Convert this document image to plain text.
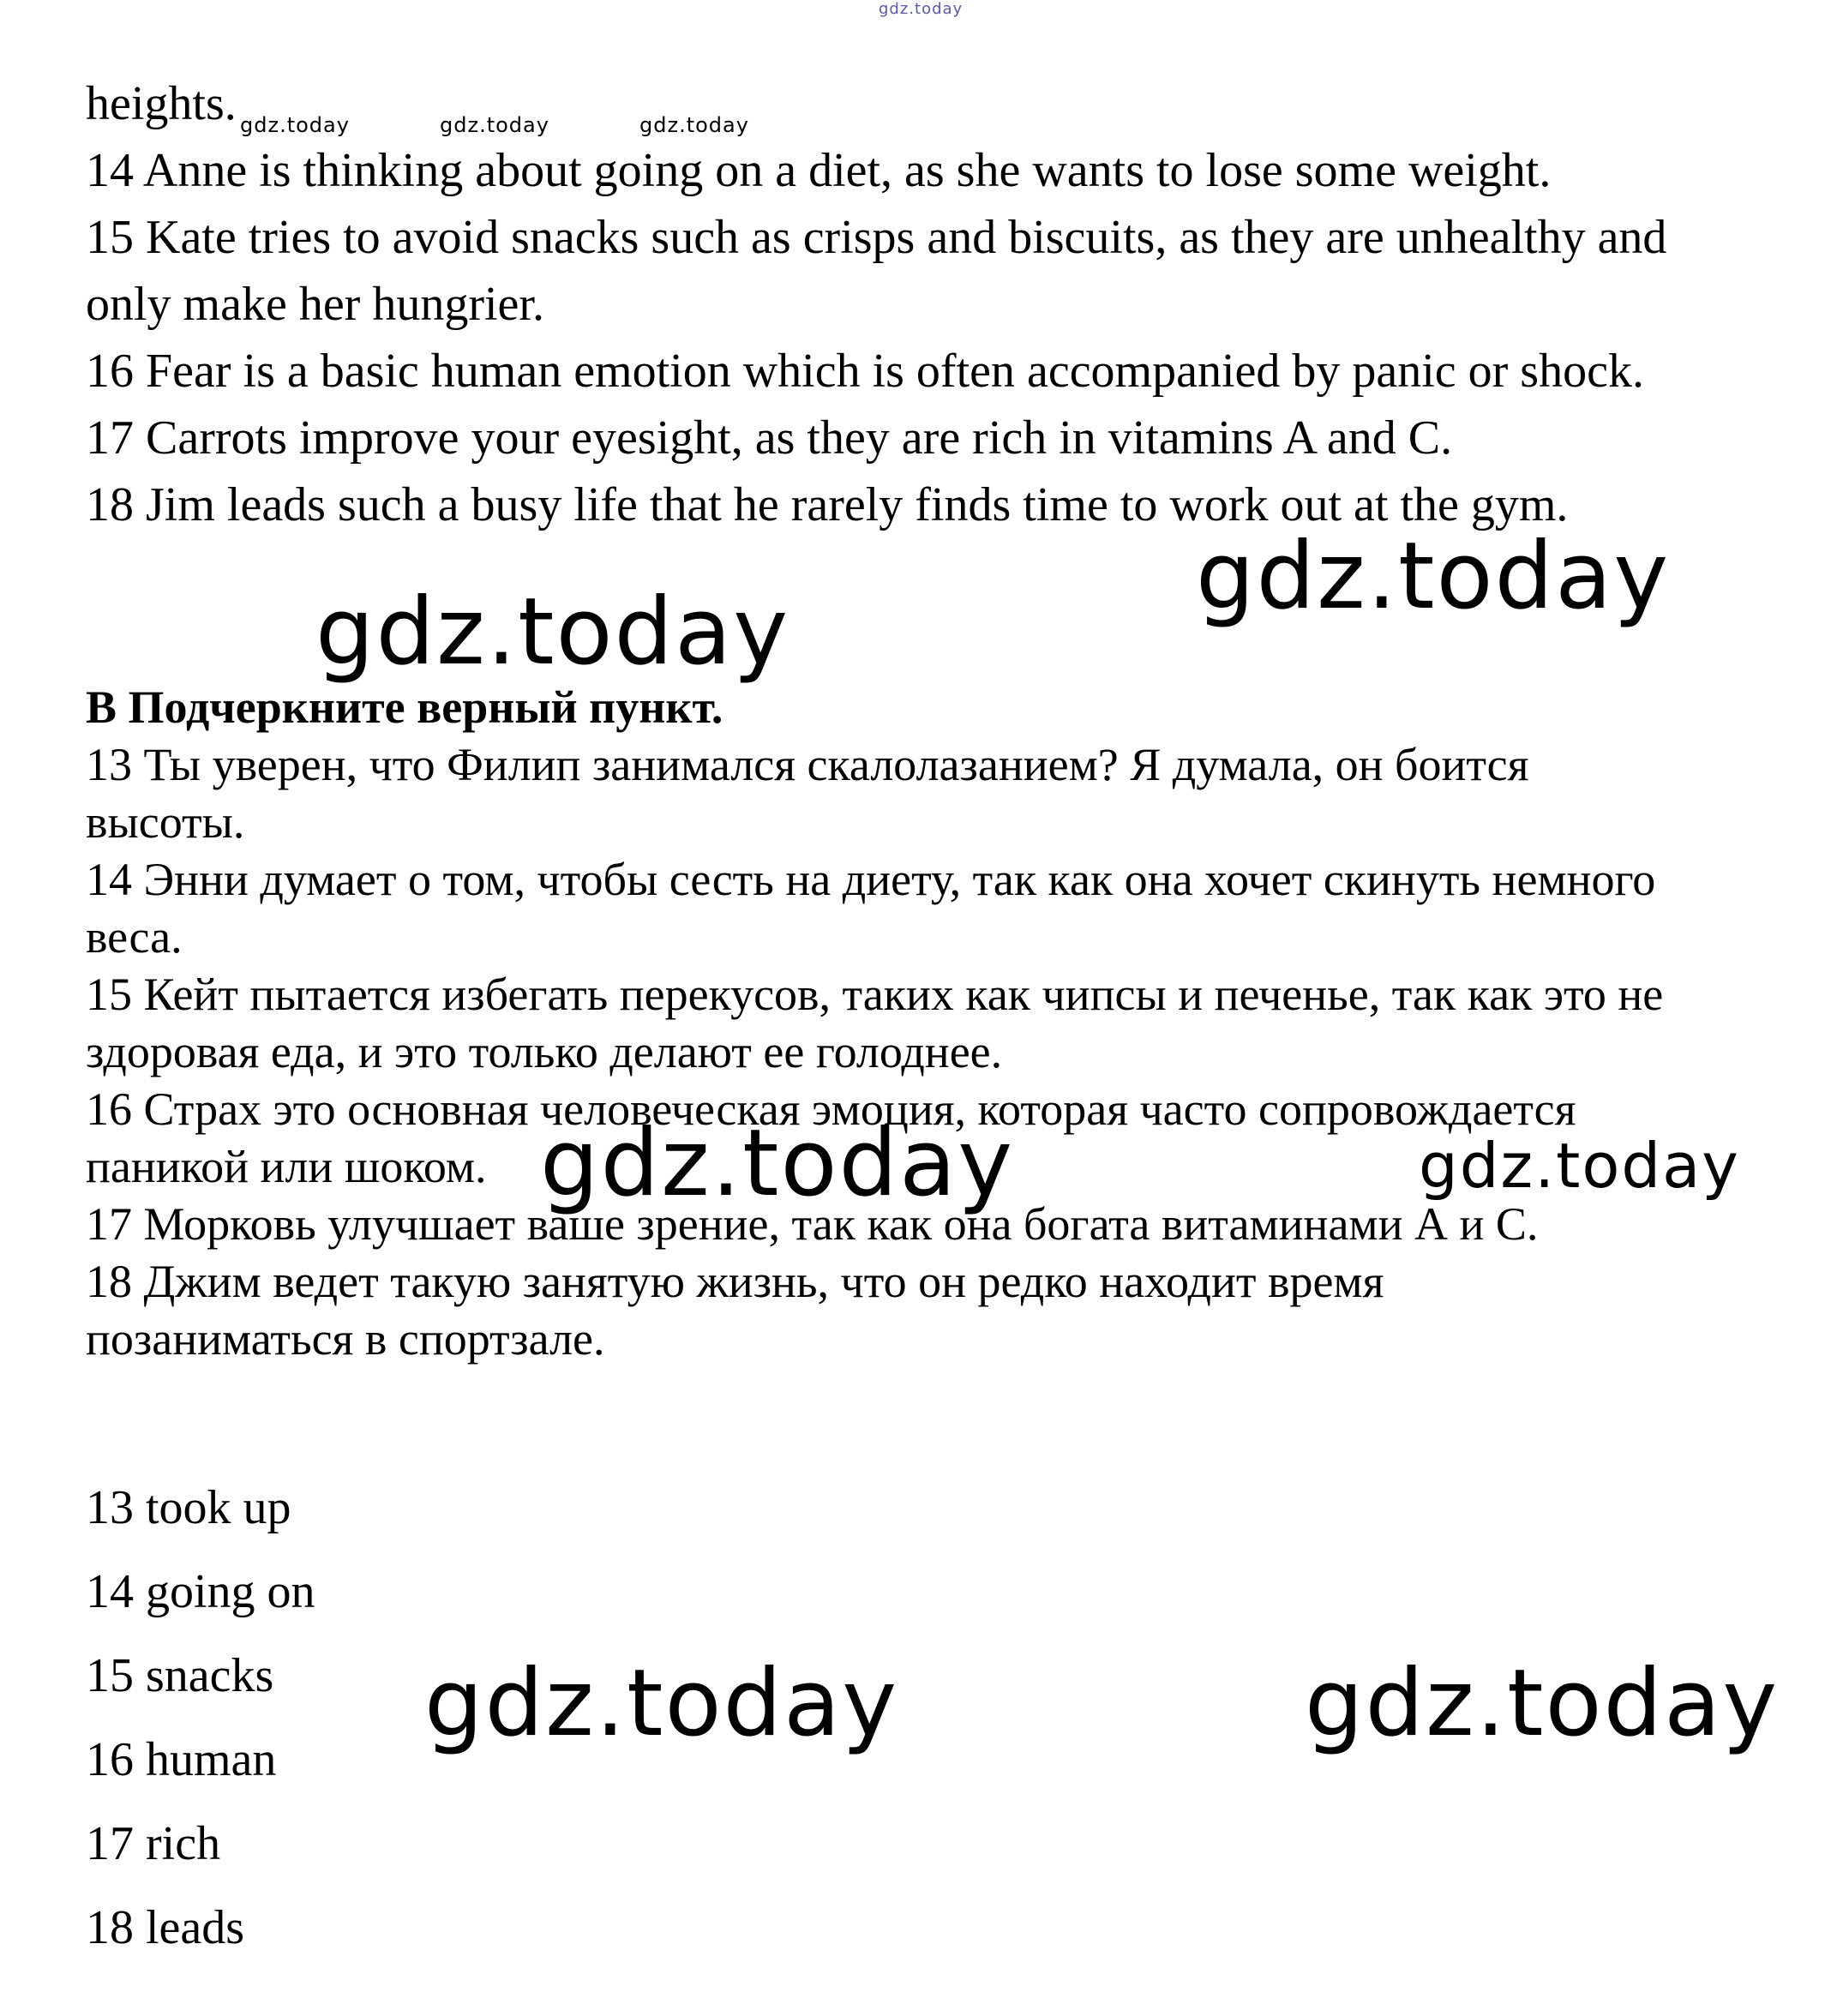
gdz.today
heights. gdz.today	gdz.today	gdz.today
14 Anne is thinking about going on a diet, as she wants to lose some weight.
15 Kate tries to avoid snacks such as crisps and biscuits, as they are unhealthy and
only make her hungrier.
16 Fear is a basic human emotion which is often accompanied by panic or shock.
17 Carrots improve your eyesight, as they are rich in vitamins A and C.
18 Jim leads such a busy life that he rarely finds time to work out at the gym.
gdz.today
gdz.today
В Подчеркните верный пункт.
13 Ты уверен, что Филип занимался скалолазанием? Я думала, он боится высоты.
14 Энни думает о том, чтобы сесть на диету, так как она хочет скинуть немного веса.
15 Кейт пытается избегать перекусов, таких как чипсы и печенье, так как это не здоровая еда, и это только делают ее голоднее.
16 Страх это основная человеческая эмоция, которая часто сопровождается паникой или шоком.
17 Морковь улучшает ваше зрение, так как она богата витаминами А и С.
18 Джим ведет такую занятую жизнь, что он редко находит время позаниматься в спортзале.
gdz.today	gdz.today
13 took up
14 going on
15 snacks
16 human
17 rich
18 leads
gdz.today	gdz.today
